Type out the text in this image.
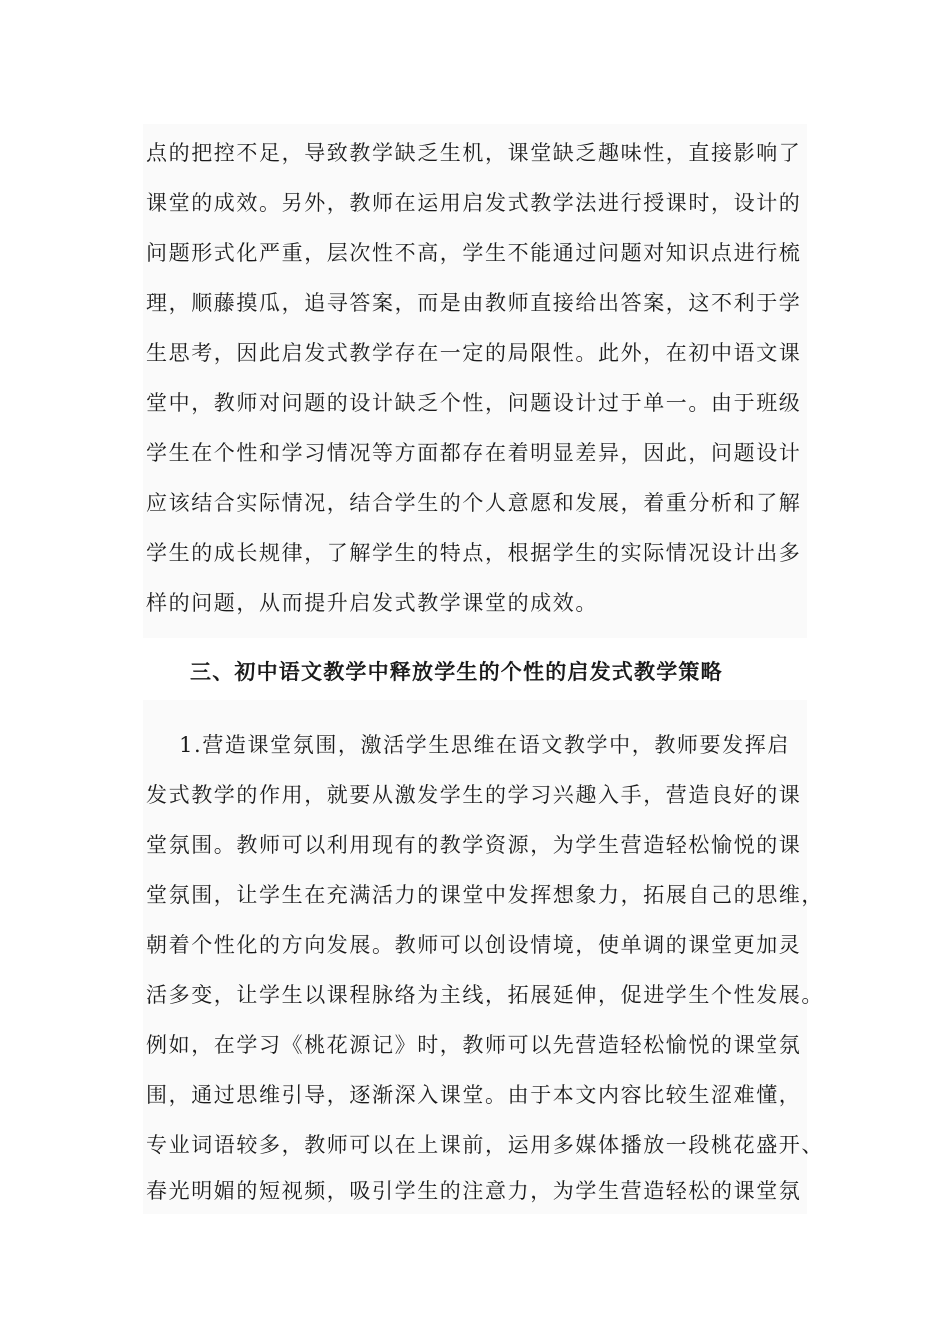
点的把控不足，导致教学缺乏生机，课堂缺乏趣味性，直接影响了
课堂的成效。另外，教师在运用启发式教学法进行授课时，设计的
问题形式化严重，层次性不高，学生不能通过问题对知识点进行梳
理，顺藤摸瓜，追寻答案，而是由教师直接给出答案，这不利于学
生思考，因此启发式教学存在一定的局限性。此外，在初中语文课
堂中，教师对问题的设计缺乏个性，问题设计过于单一。由于班级
学生在个性和学习情况等方面都存在着明显差异，因此，问题设计
应该结合实际情况，结合学生的个人意愿和发展，着重分析和了解
学生的成长规律，了解学生的特点，根据学生的实际情况设计出多
样的问题，从而提升启发式教学课堂的成效。
三、初中语文教学中释放学生的个性的启发式教学策略
1.营造课堂氛围，激活学生思维在语文教学中，教师要发挥启
发式教学的作用，就要从激发学生的学习兴趣入手，营造良好的课
堂氛围。教师可以利用现有的教学资源，为学生营造轻松愉悦的课
堂氛围，让学生在充满活力的课堂中发挥想象力，拓展自己的思维，
朝着个性化的方向发展。教师可以创设情境，使单调的课堂更加灵
活多变，让学生以课程脉络为主线，拓展延伸，促进学生个性发展。
例如，在学习《桃花源记》时，教师可以先营造轻松愉悦的课堂氛
围，通过思维引导，逐渐深入课堂。由于本文内容比较生涩难懂，
专业词语较多，教师可以在上课前，运用多媒体播放一段桃花盛开、
春光明媚的短视频，吸引学生的注意力，为学生营造轻松的课堂氛
